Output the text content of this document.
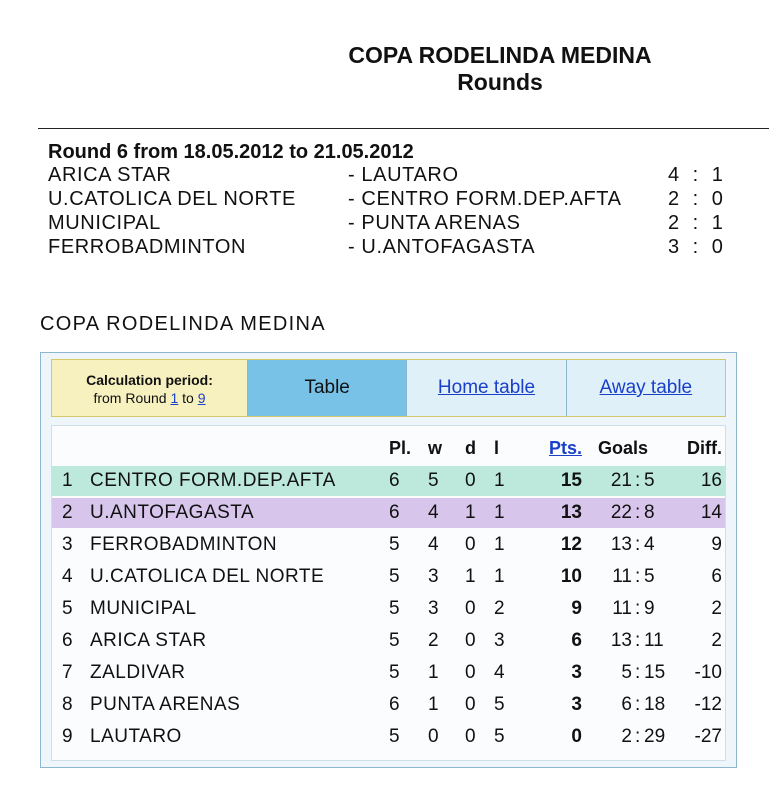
COPA RODELINDA MEDINA
Rounds
Round 6 from 18.05.2012 to 21.05.2012
ARICA STAR	- LAUTARO	4 : 1
U.CATOLICA DEL NORTE	- CENTRO FORM.DEP.AFTA 2 : 0
MUNICIPAL	- PUNTA ARENAS	2 : 1
FERROBADMINTON	- U.ANTOFAGASTA	3 : 0
COPA RODELINDA MEDINA
Calculation period:
from Round 1 to 9	Table	Home table	Away table
Pl. w d l	Pts. Goals	Diff.
1 CENTRO FORM.DEP.AFTA	6 5 0 1	15	21 : 5	16
2 U.ANTOFAGASTA	6 4 1 1	13	22 : 8	14
3 FERROBADMINTON	5 4 0 1	12	13 : 4	9
4 U.CATOLICA DEL NORTE	5 3 1 1	10	11 : 5	6
5 MUNICIPAL	5 3 0 2	9	11 : 9	2
6 ARICA STAR	5 2 0 3	6	13 : 11	2
7 ZALDIVAR	5 1 0 4	3	5 : 15	-10
8 PUNTA ARENAS	6 1 0 5	3	6 : 18	-12
9 LAUTARO	5 0 0 5	0	2 : 29	-27
